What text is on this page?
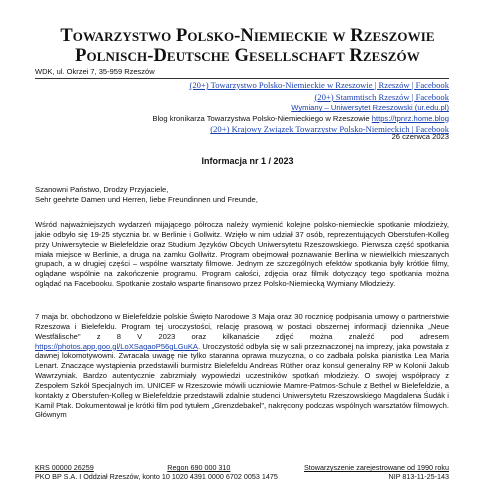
Towarzystwo Polsko-Niemieckie w Rzeszowie
Polnisch-Deutsche Gesellschaft Rzeszów
WDK, ul. Okrzei 7, 35-959 Rzeszów
(20+) Towarzystwo Polsko-Niemieckie w Rzeszowie | Rzeszów | Facebook
(20+) Stammtisch Rzeszów | Facebook
Wymiany – Uniwersytet Rzeszowski (ur.edu.pl)
Blog kronikarza Towarzystwa Polsko-Niemieckiego w Rzeszowie https://tpnrz.home.blog
(20+) Krajowy Związek Towarzystw Polsko-Niemieckich | Facebook
26 czerwca 2023
Informacja nr 1 / 2023
Szanowni Państwo, Drodzy Przyjaciele,
Sehr geehrte Damen und Herren, liebe Freundinnen und Freunde,
Wśród najważniejszych wydarzeń mijającego półrocza należy wymienić kolejne polsko-niemieckie spotkanie młodzieży, jakie odbyło się 19-25 stycznia br. w Berlinie i Gollwitz. Wzięło w nim udział 37 osób, reprezentujących Oberstufen-Kolleg przy Uniwersytecie w Bielefeldzie oraz Studium Języków Obcych Uniwersytetu Rzeszowskiego. Pierwsza część spotkania miała miejsce w Berlinie, a druga na zamku Gollwitz. Program obejmował poznawanie Berlina w niewielkich mieszanych grupach, a w drugiej części – wspólne warsztaty filmowe. Jednym ze szczególnych efektów spotkania były krótkie filmy, oglądane wspólnie na zakończenie programu. Program całości, zdjęcia oraz filmik dotyczący tego spotkania można oglądać na Facebooku. Spotkanie zostało wsparte finansowo przez Polsko-Niemiecką Wymiany Młodzieży.
7 maja br. obchodzono w Bielefeldzie polskie Święto Narodowe 3 Maja oraz 30 rocznicę podpisania umowy o partnerstwie Rzeszowa i Bielefeldu. Program tej uroczystości, relację prasową w postaci obszernej informacji dziennika „Neue Westfälische" z 8 V 2023 oraz kilkanaście zdjęć można znaleźć pod adresem https://photos.app.goo.gl/LoXSagaoP56gLGuKA. Uroczystość odbyła się w sali przeznaczonej na imprezy, jaka powstała z dawnej lokomotywowni. Zwracała uwagę nie tylko staranna oprawa muzyczna, o co zadbała polska pianistka Lea Maria Lenart. Znaczące wystąpienia przedstawili burmistrz Bielefeldu Andreas Rüther oraz konsul generalny RP w Kolonii Jakub Wawrzyniak. Bardzo autentycznie zabrzmiały wypowiedzi uczestników spotkań młodzieży. O swojej współpracy z Zespołem Szkół Specjalnych im. UNICEF w Rzeszowie mówili uczniowie Mamre-Patmos-Schule z Bethel w Bielefeldzie, a kontakty z Oberstufen-Kolleg w Bielefeldzie przedstawili zdalnie studenci Uniwersytetu Rzeszowskiego Magdalena Śudák i Kamil Ptak. Dokumentował je krótki film pod tytułem „Grenzdebakel", nakręcony podczas wspólnych warsztatów filmowych. Głównym
KRS 00000 26259	Regon 690 000 310	Stowarzyszenie zarejestrowane od 1990 roku
PKO BP S.A. I Oddział Rzeszów, konto 10 1020 4391 0000 6702 0053 1475	NIP 813-11-25-143
